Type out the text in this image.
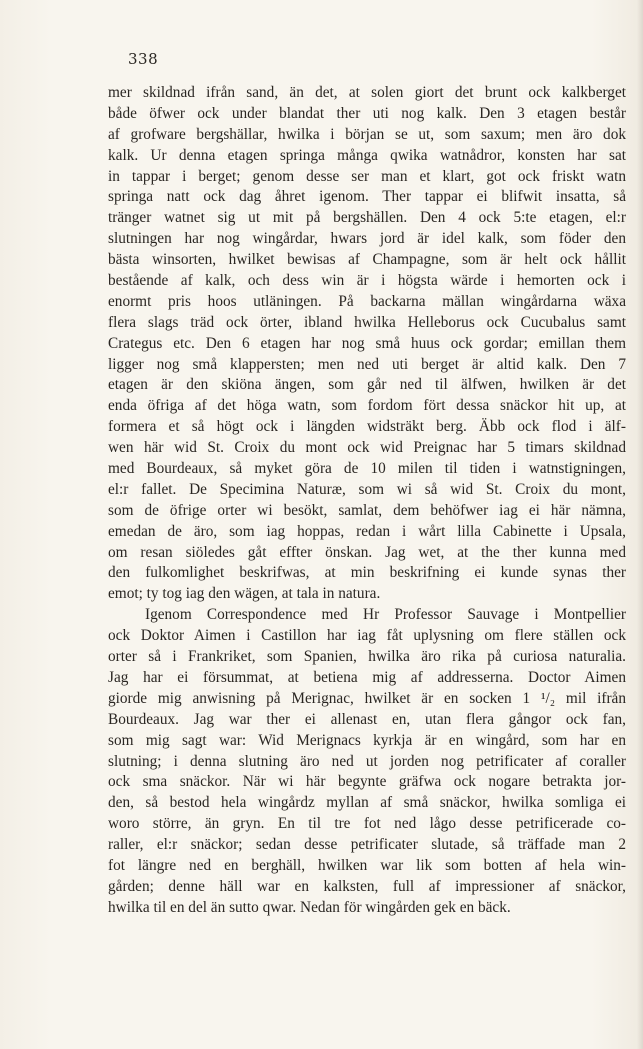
338
mer skildnad ifrån sand, än det, at solen giort det brunt ock kalkberget
både öfwer ock under blandat ther uti nog kalk. Den 3 etagen består
af grofware bergshällar, hwilka i början se ut, som saxum; men äro dok
kalk. Ur denna etagen springa många qwika watnådror, konsten har sat
in tappar i berget; genom desse ser man et klart, got ock friskt watn
springa natt ock dag åhret igenom. Ther tappar ei blifwit insatta, så
tränger watnet sig ut mit på bergshällen. Den 4 ock 5:te etagen, el:r
slutningen har nog wingårdar, hwars jord är idel kalk, som föder den
bästa winsorten, hwilket bewisas af Champagne, som är helt ock hållit
bestående af kalk, och dess win är i högsta wärde i hemorten ock i
enormt pris hoos utläningen. På backarna mällan wingårdarna wäxa
flera slags träd ock örter, ibland hwilka Helleborus ock Cucubalus samt
Crategus etc. Den 6 etagen har nog små huus ock gordar; emillan them
ligger nog små klappersten; men ned uti berget är altid kalk. Den 7
etagen är den skiöna ängen, som går ned til älfwen, hwilken är det
enda öfriga af det höga watn, som fordom fört dessa snäckor hit up, at
formera et så högt ock i längden widsträkt berg. Äbb ock flod i älf-
wen här wid St. Croix du mont ock wid Preignac har 5 timars skildnad
med Bourdeaux, så myket göra de 10 milen til tiden i watnstigningen,
el:r fallet. De Specimina Naturæ, som wi så wid St. Croix du mont,
som de öfrige orter wi besökt, samlat, dem behöfwer iag ei här nämna,
emedan de äro, som iag hoppas, redan i wårt lilla Cabinette i Upsala,
om resan siöledes gåt effter önskan. Jag wet, at the ther kunna med
den fulkomlighet beskrifwas, at min beskrifning ei kunde synas ther
emot; ty tog iag den wägen, at tala in natura.
Igenom Correspondence med Hr Professor Sauvage i Montpellier
ock Doktor Aimen i Castillon har iag fåt uplysning om flere ställen ock
orter så i Frankriket, som Spanien, hwilka äro rika på curiosa naturalia.
Jag har ei försummat, at betiena mig af addresserna. Doctor Aimen
giorde mig anwisning på Merignac, hwilket är en socken 1 ¹/₂ mil ifrån
Bourdeaux. Jag war ther ei allenast en, utan flera gångor ock fan,
som mig sagt war: Wid Merignacs kyrkja är en wingård, som har en
slutning; i denna slutning äro ned ut jorden nog petrificater af coraller
ock sma snäckor. När wi här begynte gräfwa ock nogare betrakta jor-
den, så bestod hela wingårdz myllan af små snäckor, hwilka somliga ei
woro större, än gryn. En til tre fot ned lågo desse petrificerade co-
raller, el:r snäckor; sedan desse petrificater slutade, så träffade man 2
fot längre ned en berghäll, hwilken war lik som botten af hela win-
gården; denne häll war en kalksten, full af impressioner af snäckor,
hwilka til en del än sutto qwar. Nedan för wingården gek en bäck.
